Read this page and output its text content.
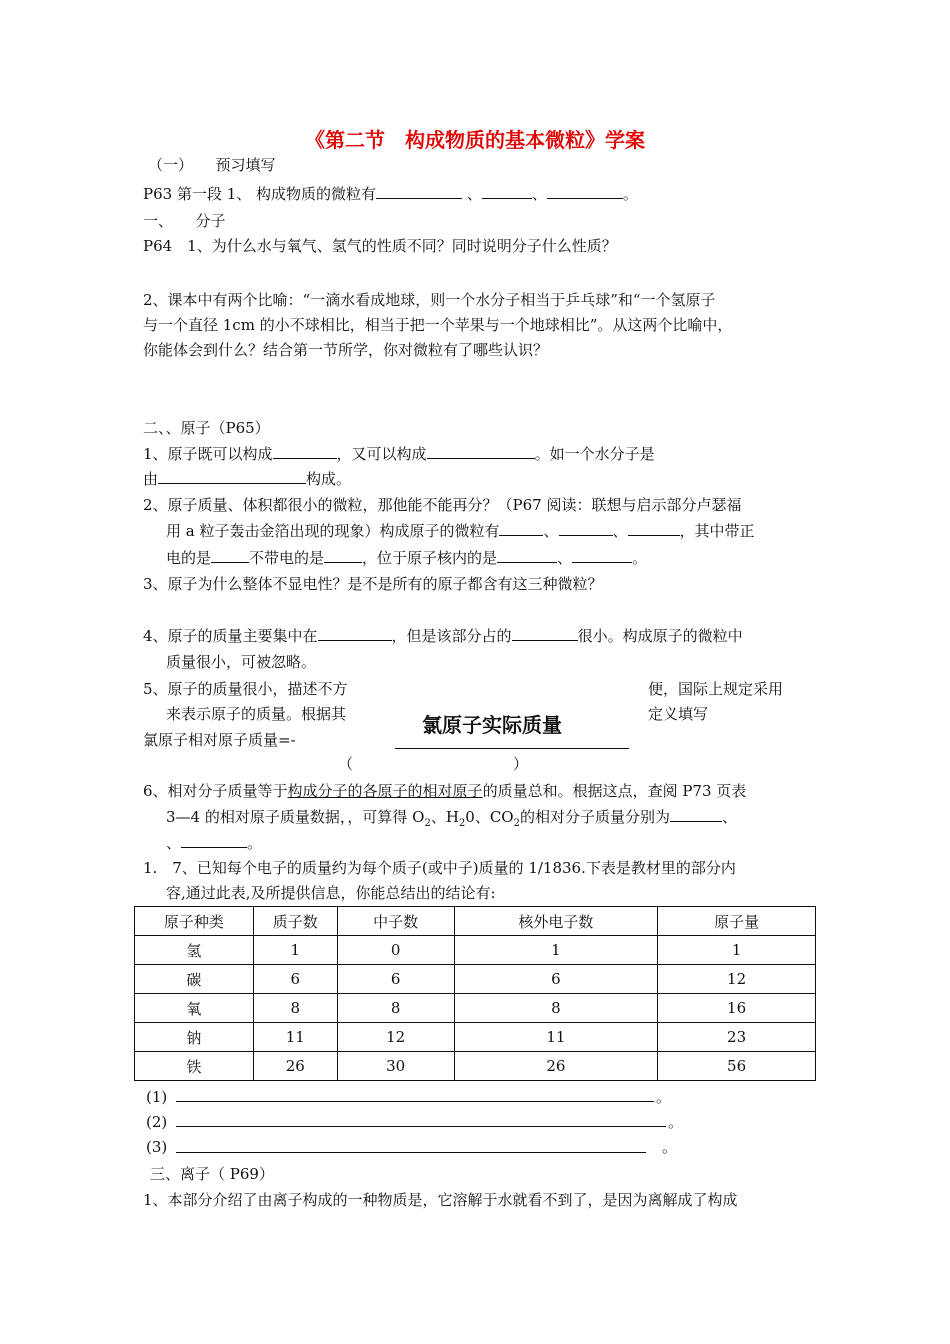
《第二节　构成物质的基本微粒》学案
（一）　　预习填写
P63 第一段 1、 构成物质的微粒有	、	、	。
一、　　分子
P64　1、为什么水与氧气、氢气的性质不同？同时说明分子什么性质？
2、课本中有两个比喻：“一滴水看成地球，则一个水分子相当于乒乓球”和“一个氢原子
与一个直径 1cm 的小不球相比，相当于把一个苹果与一个地球相比”。从这两个比喻中，
你能体会到什么？结合第一节所学，你对微粒有了哪些认识？
二、、原子（P65）
1、原子既可以构成	，又可以构成	。如一个水分子是
由	构成。
2、原子质量、体积都很小的微粒，那他能不能再分？（P67 阅读：联想与启示部分卢瑟福
用 a 粒子轰击金箔出现的现象）构成原子的微粒有	、	、	，其中带正
电的是	不带电的是	，位于原子核内的是	、	。
3、原子为什么整体不显电性？是不是所有的原子都含有这三种微粒？
4、原子的质量主要集中在	，但是该部分占的	很小。构成原子的微粒中
质量很小，可被忽略。
5、原子的质量很小，描述不方	便，国际上规定采用
来表示原子的质量。根据其	定义填写
氯原子实际质量
氯原子相对原子质量=-
（	）
6、相对分子质量等于构成分子的各原子的相对原子的质量总和。根据这点，查阅 P73 页表
3—4 的相对原子质量数据，，可算得 $O_2$、$H_20$、$CO_2$的相对分子质量分别为	、
、	。
1.　7、已知每个电子的质量约为每个质子(或中子)质量的 1/1836.下表是教材里的部分内
容,通过此表,及所提供信息，你能总结出的结论有:
原子种类	质子数	中子数	核外电子数	原子量
氢	1	0	1	1
碳	6	6	6	12
氧	8	8	8	16
钠	11	12	11	23
铁	26	30	26	56
(1)	。
(2)	。
(3)	。
三、离子（ P69）
1、本部分介绍了由离子构成的一种物质是，它溶解于水就看不到了，是因为离解成了构成
